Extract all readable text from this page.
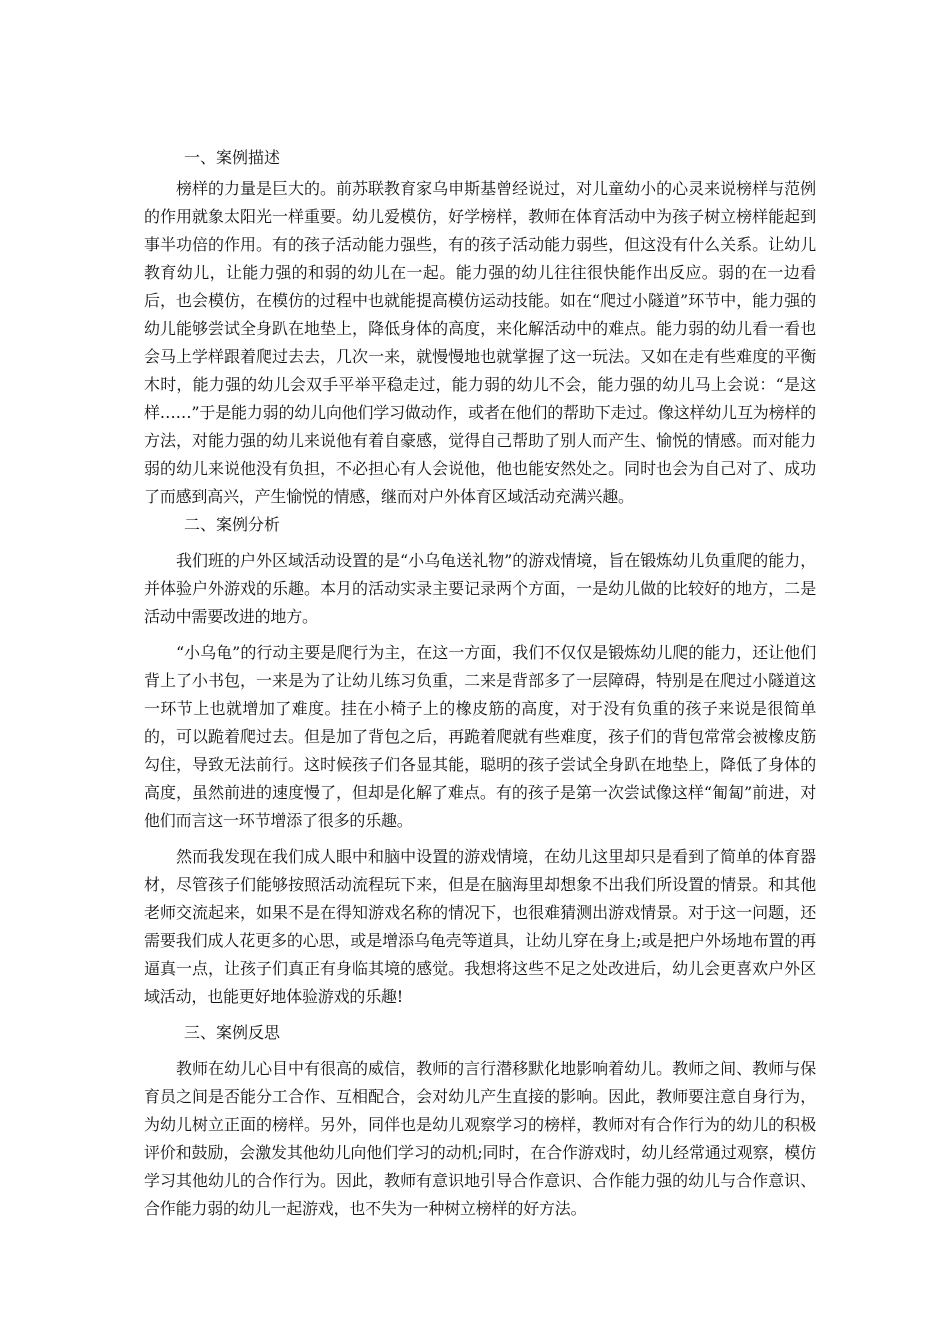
一、案例描述

榜样的力量是巨大的。前苏联教育家乌申斯基曾经说过，对儿童幼小的心灵来说榜样与范例的作用就象太阳光一样重要。幼儿爱模仿，好学榜样，教师在体育活动中为孩子树立榜样能起到事半功倍的作用。有的孩子活动能力强些，有的孩子活动能力弱些，但这没有什么关系。让幼儿教育幼儿，让能力强的和弱的幼儿在一起。能力强的幼儿往往很快能作出反应。弱的在一边看后，也会模仿，在模仿的过程中也就能提高模仿运动技能。如在“爬过小隧道”环节中，能力强的幼儿能够尝试全身趴在地垫上，降低身体的高度，来化解活动中的难点。能力弱的幼儿看一看也会马上学样跟着爬过去去，几次一来，就慢慢地也就掌握了这一玩法。又如在走有些难度的平衡木时，能力强的幼儿会双手平举平稳走过，能力弱的幼儿不会，能力强的幼儿马上会说：“是这样……”于是能力弱的幼儿向他们学习做动作，或者在他们的帮助下走过。像这样幼儿互为榜样的方法，对能力强的幼儿来说他有着自豪感，觉得自己帮助了别人而产生、愉悦的情感。而对能力弱的幼儿来说他没有负担，不必担心有人会说他，他也能安然处之。同时也会为自己对了、成功了而感到高兴，产生愉悦的情感，继而对户外体育区域活动充满兴趣。

二、案例分析

我们班的户外区域活动设置的是“小乌龟送礼物”的游戏情境，旨在锻炼幼儿负重爬的能力，并体验户外游戏的乐趣。本月的活动实录主要记录两个方面，一是幼儿做的比较好的地方，二是活动中需要改进的地方。

“小乌龟”的行动主要是爬行为主，在这一方面，我们不仅仅是锻炼幼儿爬的能力，还让他们背上了小书包，一来是为了让幼儿练习负重，二来是背部多了一层障碍，特别是在爬过小隧道这一环节上也就增加了难度。挂在小椅子上的橡皮筋的高度，对于没有负重的孩子来说是很简单的，可以跪着爬过去。但是加了背包之后，再跪着爬就有些难度，孩子们的背包常常会被橡皮筋勾住，导致无法前行。这时候孩子们各显其能，聪明的孩子尝试全身趴在地垫上，降低了身体的高度，虽然前进的速度慢了，但却是化解了难点。有的孩子是第一次尝试像这样“匍匐”前进，对他们而言这一环节增添了很多的乐趣。

然而我发现在我们成人眼中和脑中设置的游戏情境，在幼儿这里却只是看到了简单的体育器材，尽管孩子们能够按照活动流程玩下来，但是在脑海里却想象不出我们所设置的情景。和其他老师交流起来，如果不是在得知游戏名称的情况下，也很难猜测出游戏情景。对于这一问题，还需要我们成人花更多的心思，或是增添乌龟壳等道具，让幼儿穿在身上;或是把户外场地布置的再逼真一点，让孩子们真正有身临其境的感觉。我想将这些不足之处改进后，幼儿会更喜欢户外区域活动，也能更好地体验游戏的乐趣!

三、案例反思

教师在幼儿心目中有很高的威信，教师的言行潜移默化地影响着幼儿。教师之间、教师与保育员之间是否能分工合作、互相配合，会对幼儿产生直接的影响。因此，教师要注意自身行为，为幼儿树立正面的榜样。另外，同伴也是幼儿观察学习的榜样，教师对有合作行为的幼儿的积极评价和鼓励，会激发其他幼儿向他们学习的动机;同时，在合作游戏时，幼儿经常通过观察，模仿学习其他幼儿的合作行为。因此，教师有意识地引导合作意识、合作能力强的幼儿与合作意识、合作能力弱的幼儿一起游戏，也不失为一种树立榜样的好方法。
